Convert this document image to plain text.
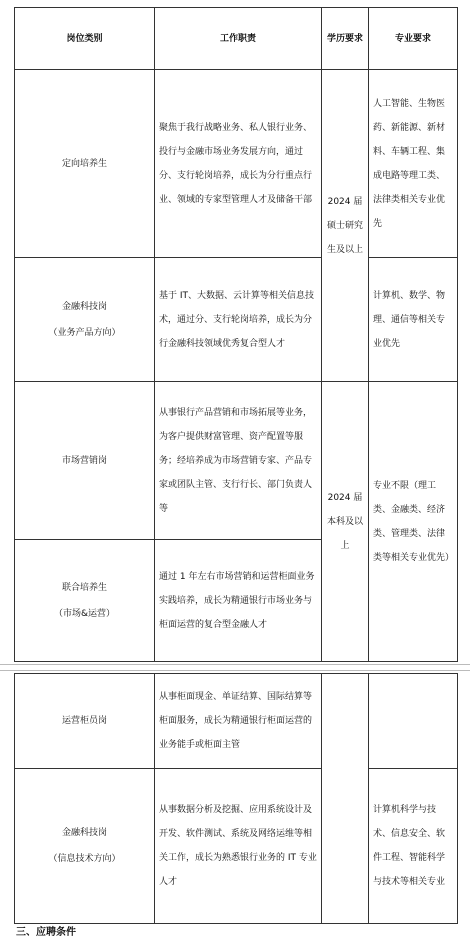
岗位类别	工作职责	学历要求	专业要求
定向培养生	聚焦于我行战略业务、私人银行业务、投行与金融市场业务发展方向，通过分、支行轮岗培养，成长为分行重点行业、领域的专家型管理人才及储备干部	2024 届硕士研究生及以上	人工智能、生物医药、新能源、新材料、车辆工程、集成电路等理工类、法律类相关专业优先
金融科技岗
（业务产品方向）	基于 IT、大数据、云计算等相关信息技术，通过分、支行轮岗培养，成长为分行金融科技领域优秀复合型人才		计算机、数学、物理、通信等相关专业优先
市场营销岗	从事银行产品营销和市场拓展等业务，为客户提供财富管理、资产配置等服务；经培养成为市场营销专家、产品专家或团队主管、支行行长、部门负责人等	2024 届本科及以上	专业不限（理工类、金融类、经济类、管理类、法律类等相关专业优先）
联合培养生
（市场&运营）	通过 1 年左右市场营销和运营柜面业务实践培养，成长为精通银行市场业务与柜面运营的复合型金融人才		
运营柜员岗	从事柜面现金、单证结算、国际结算等柜面服务，成长为精通银行柜面运营的业务能手或柜面主管		
金融科技岗
（信息技术方向）	从事数据分析及挖掘、应用系统设计及开发、软件测试、系统及网络运维等相关工作，成长为熟悉银行业务的 IT 专业人才		计算机科学与技术、信息安全、软件工程、智能科学与技术等相关专业
三、应聘条件
